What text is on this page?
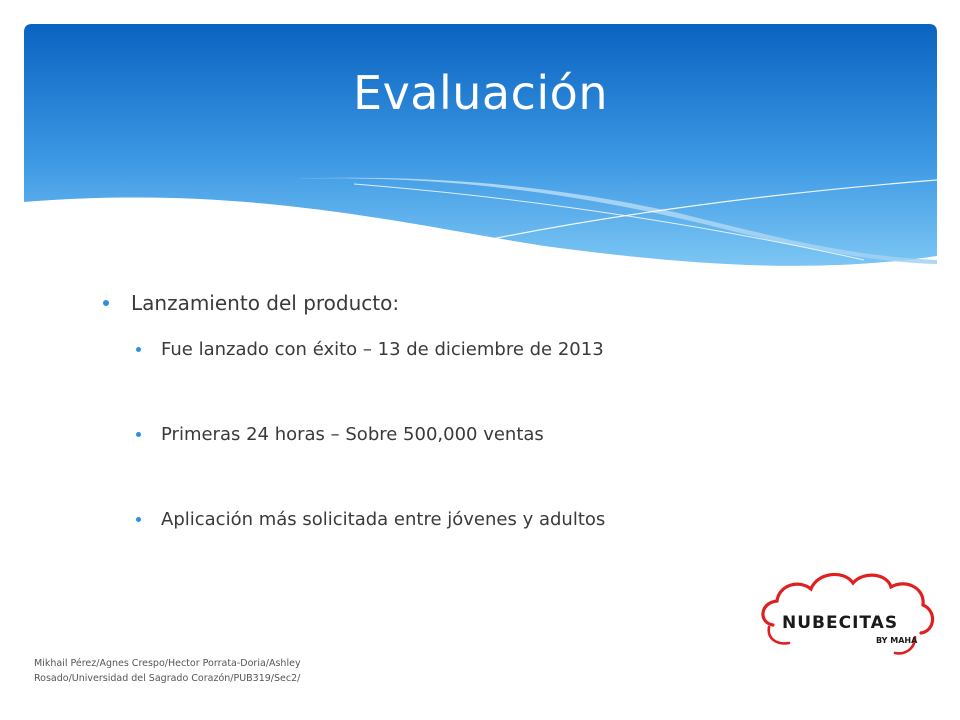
Evaluación
Lanzamiento del producto:
Fue lanzado con éxito – 13 de diciembre de 2013
Primeras 24 horas – Sobre 500,000 ventas
Aplicación más solicitada entre jóvenes y adultos
Mikhail Pérez/Agnes Crespo/Hector Porrata-Doria/Ashley
Rosado/Universidad del Sagrado Corazón/PUB319/Sec2/
NUBECITAS
BY MAHA
